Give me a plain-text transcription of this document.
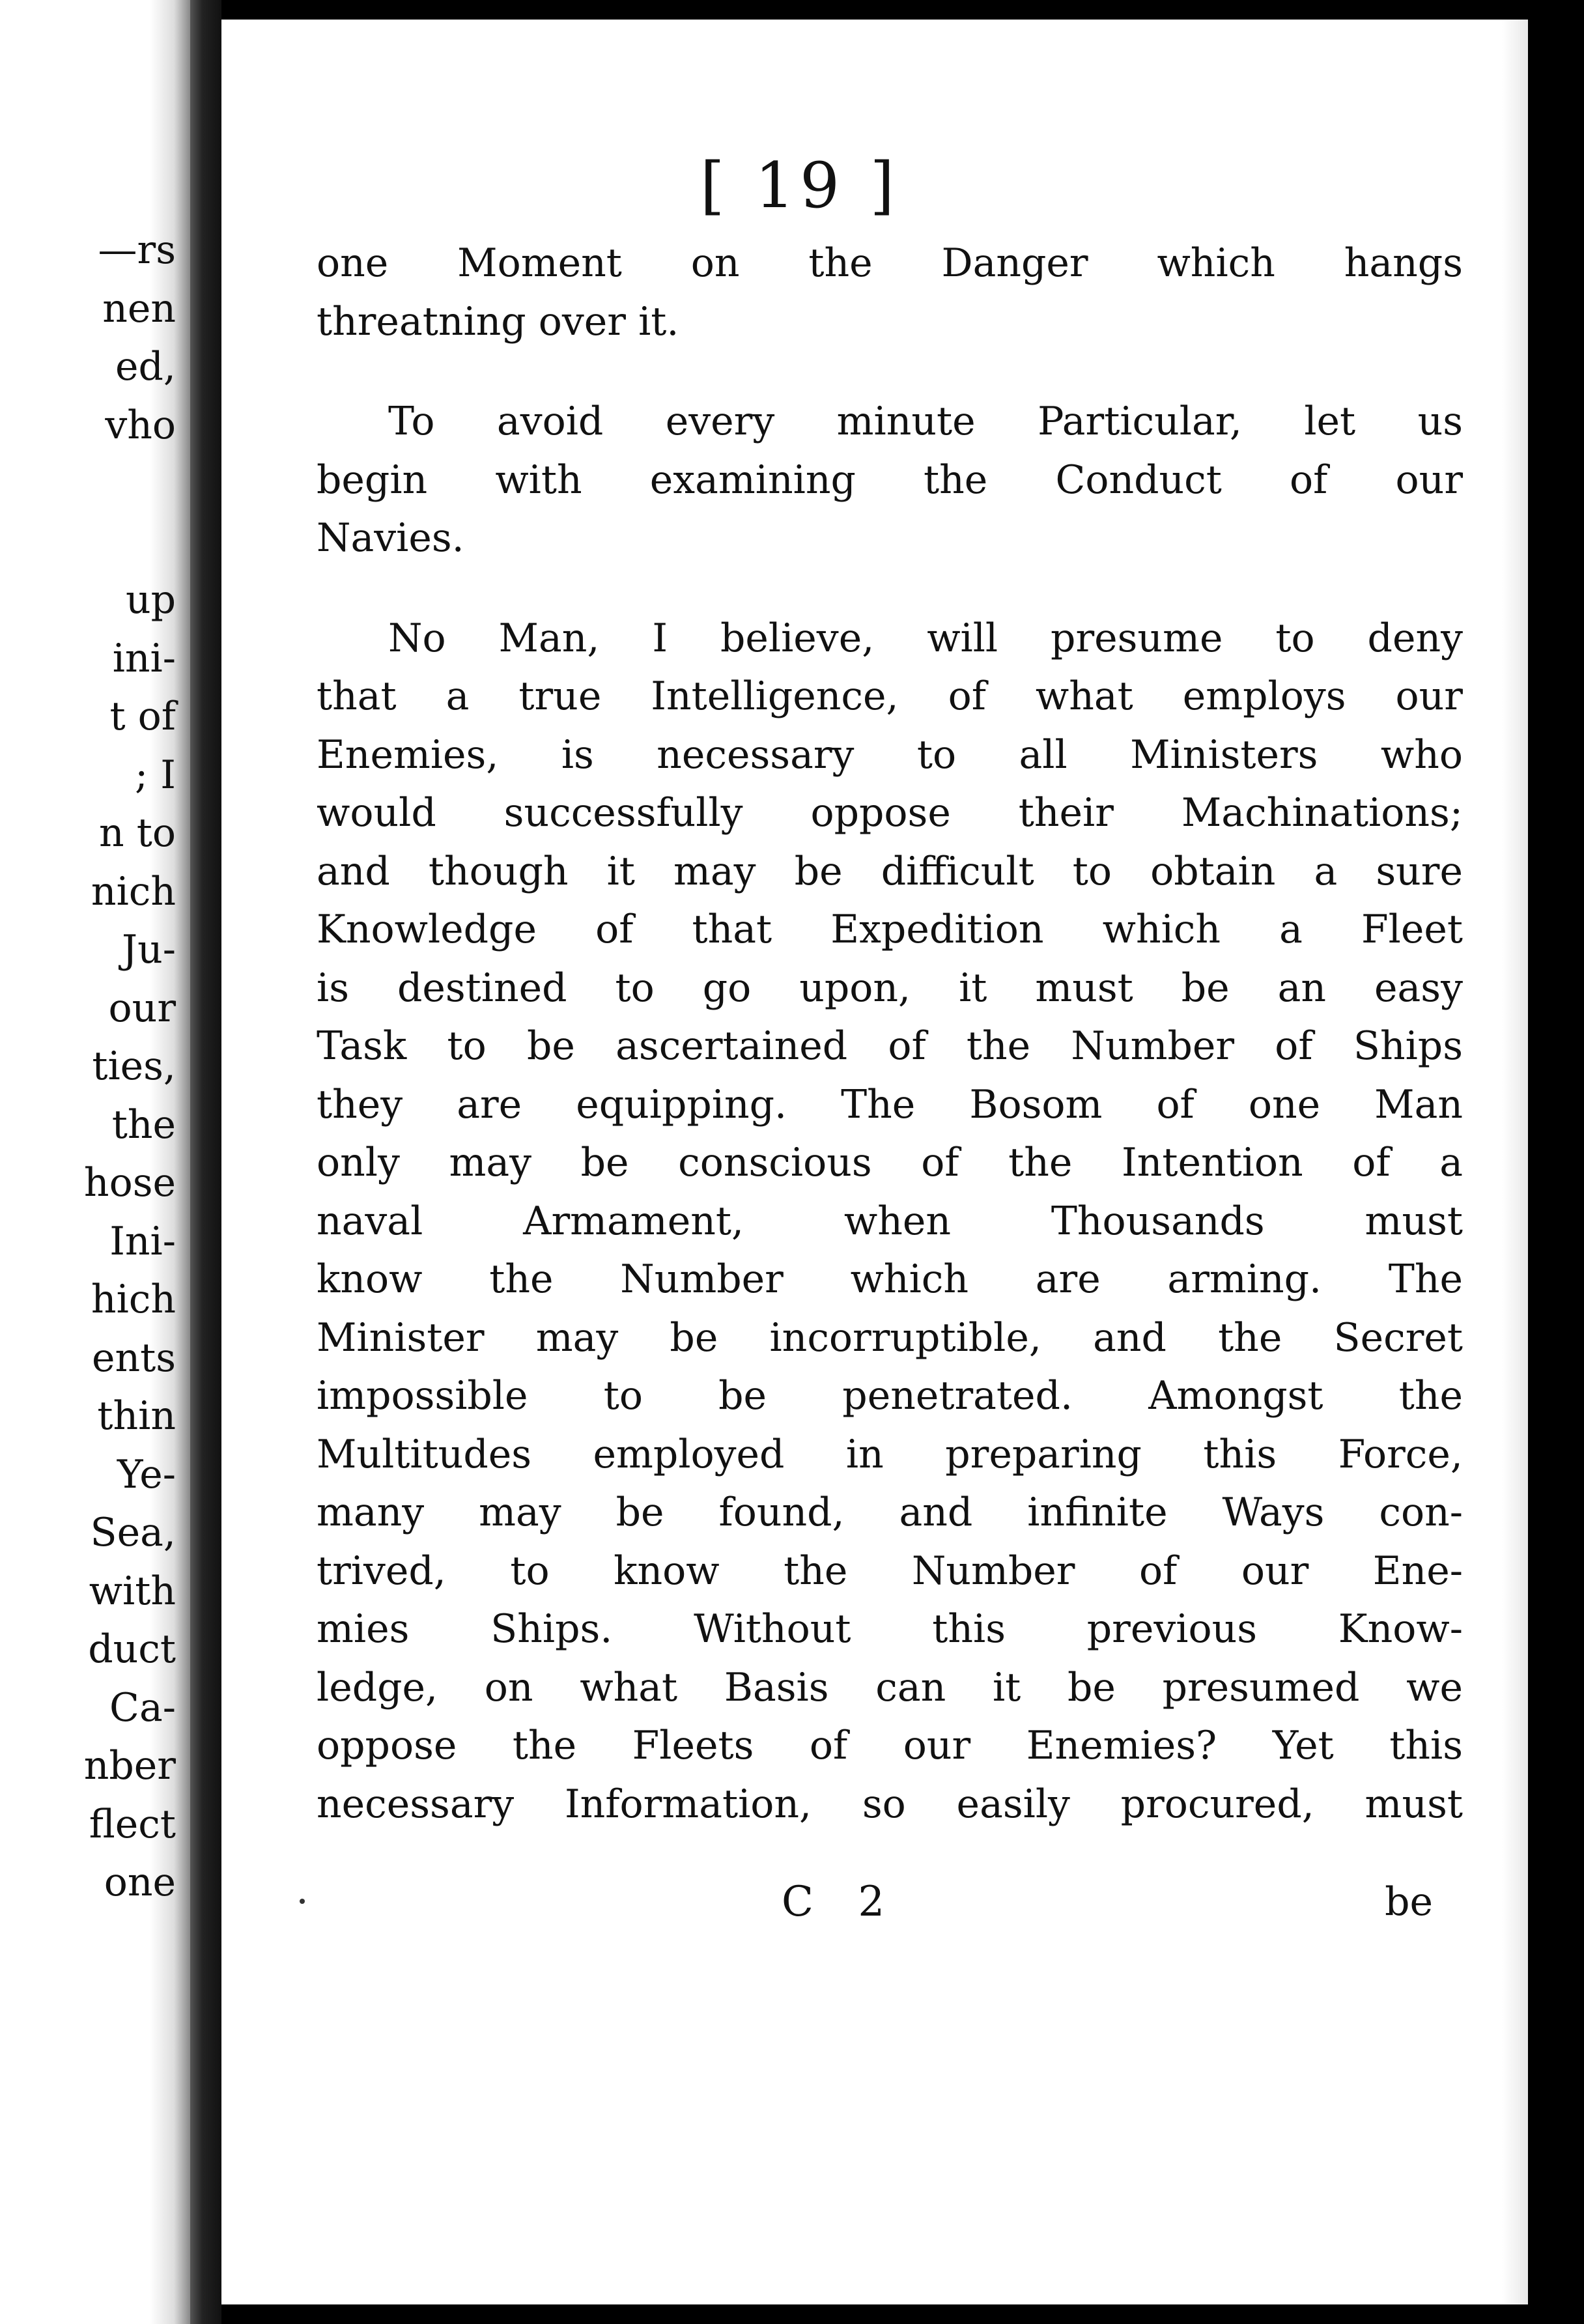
—rs
nen
ed,
vho
up
ini-
t of
; I
n to
nich
Ju-
our
ties,
the
hose
Ini-
hich
ents
thin
Ye-
Sea,
with
duct
Ca-
nber
flect
one
[ 19 ]
one Moment on the Danger which hangs
threatning over it.
To avoid every minute Particular, let us
begin with examining the Conduct of our
Navies.
No Man, I believe, will presume to deny
that a true Intelligence, of what employs our
Enemies, is necessary to all Ministers who
would successfully oppose their Machinations;
and though it may be difficult to obtain a sure
Knowledge of that Expedition which a Fleet
is destined to go upon, it must be an easy
Task to be ascertained of the Number of Ships
they are equipping. The Bosom of one Man
only may be conscious of the Intention of a
naval Armament, when Thousands must
know the Number which are arming. The
Minister may be incorruptible, and the Secret
impossible to be penetrated. Amongst the
Multitudes employed in preparing this Force,
many may be found, and infinite Ways con-
trived, to know the Number of our Ene-
mies Ships. Without this previous Know-
ledge, on what Basis can it be presumed we
oppose the Fleets of our Enemies? Yet this
necessary Information, so easily procured, must
C 2	be
